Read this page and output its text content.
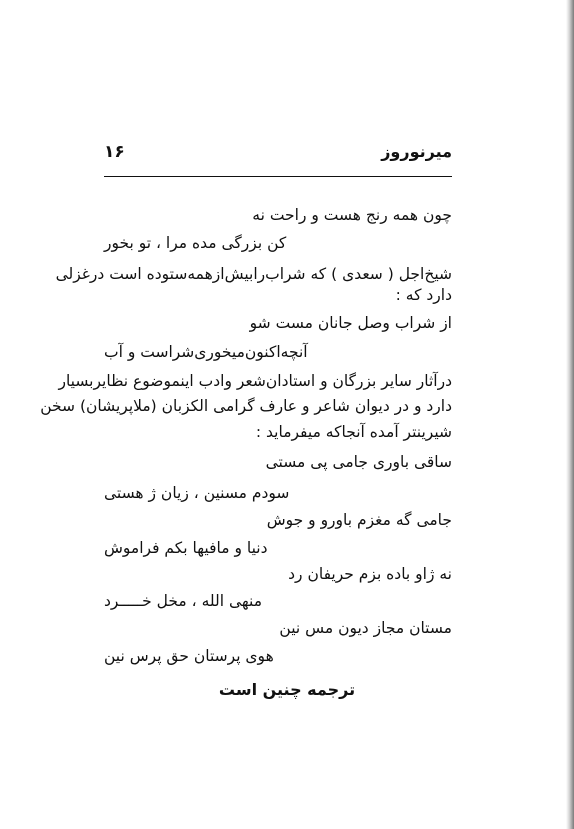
میرنوروز
۱۶
چون همه رنج هست و راحت نه
کن بزرگی مده مرا ، تو بخور
شیخ‌اجل ( سعدی ) که شراب‌رابیش‌ازهمه‌ستوده است درغزلی
دارد که :
از شراب وصل جانان مست شو
آنچه‌اکنون‌میخوری‌شراست و آب
درآثار سایر بزرگان و استادان‌شعر وادب اینموضوع نظایربسیار
دارد و در دیوان شاعر و عارف گرامی الکزبان (ملاپریشان) سخن
شیرینتر آمده آنجاکه میفرماید :
ساقی باوری جامی پی مستی
سودم مسنین ، زیان ژ هستی
جامی گه مغزم باورو و جوش
دنیا و مافیها بکم فراموش
نه ژاو باده بزم حریفان رد
منهی الله ، مخل خـــــرد
مستان مجاز دیون مس نین
هوی پرستان حق پرس نین
ترجمه چنین است
